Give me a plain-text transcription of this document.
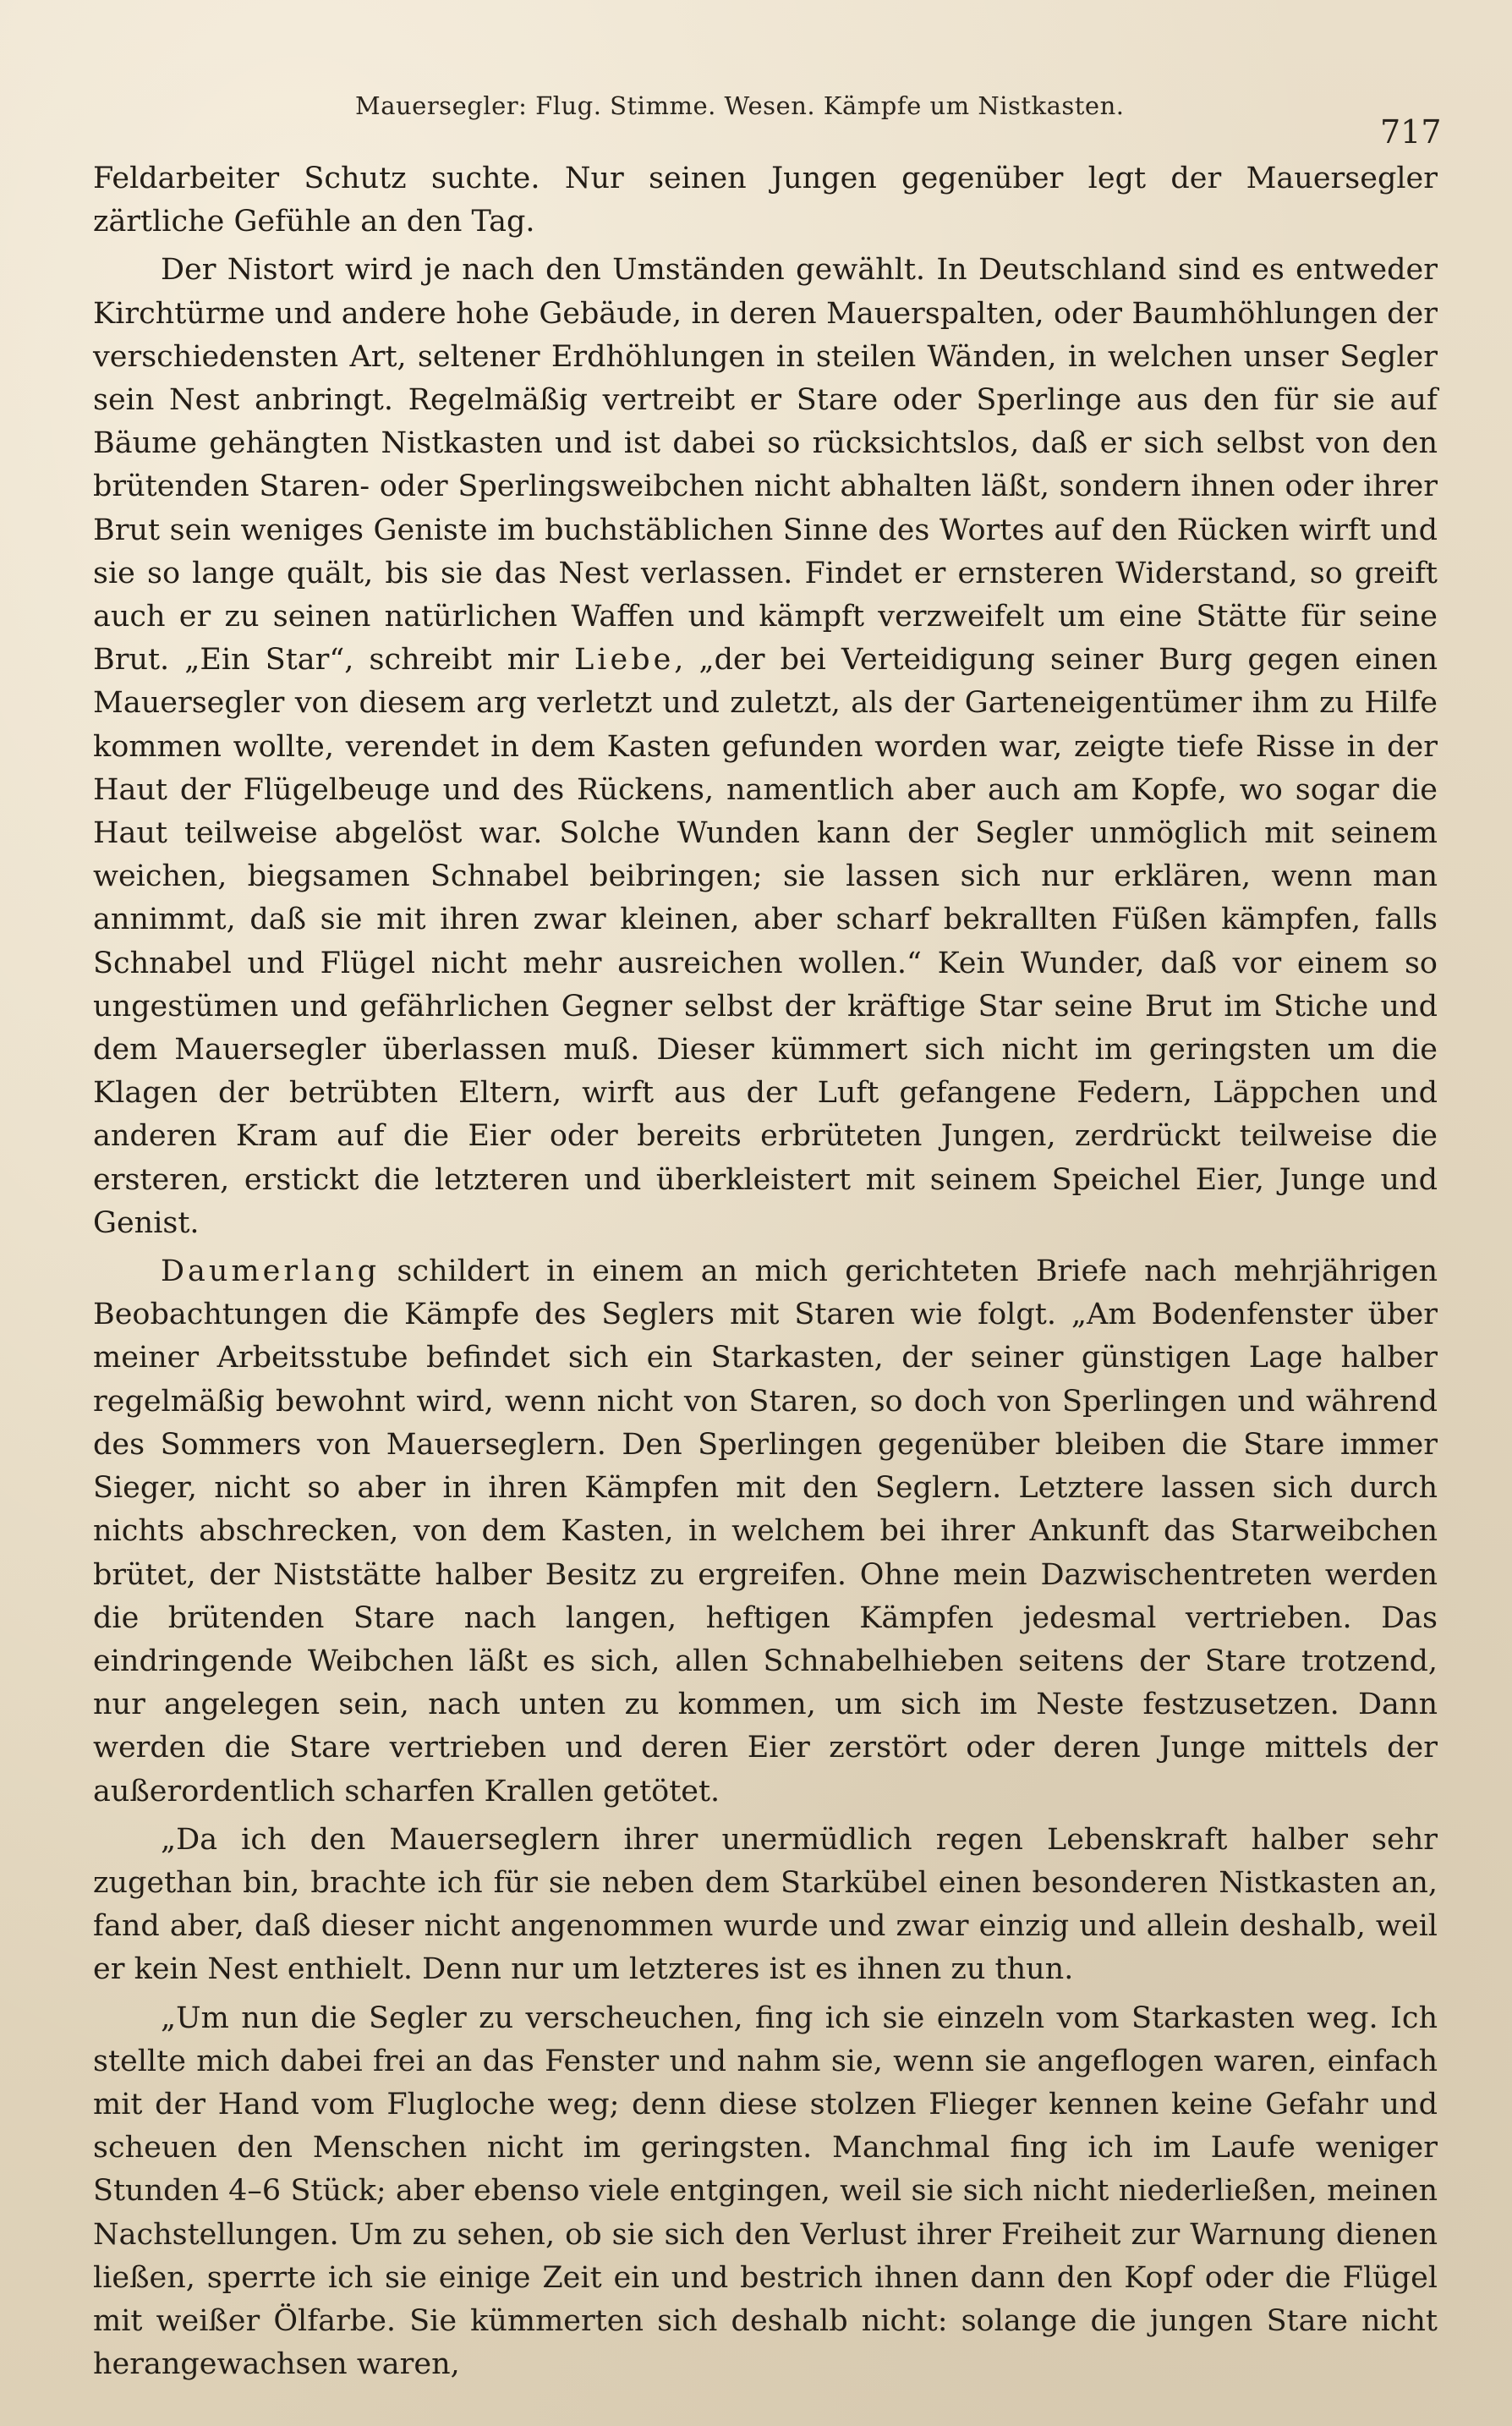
Mauersegler: Flug. Stimme. Wesen. Kämpfe um Nistkasten.
717

Feldarbeiter Schutz suchte. Nur seinen Jungen gegenüber legt der Mauersegler zärtliche Gefühle an den Tag.

Der Nistort wird je nach den Umständen gewählt. In Deutschland sind es entweder Kirchtürme und andere hohe Gebäude, in deren Mauerspalten, oder Baumhöhlungen der verschiedensten Art, seltener Erdhöhlungen in steilen Wänden, in welchen unser Segler sein Nest anbringt. Regelmäßig vertreibt er Stare oder Sperlinge aus den für sie auf Bäume gehängten Nistkasten und ist dabei so rücksichtslos, daß er sich selbst von den brütenden Staren- oder Sperlingsweibchen nicht abhalten läßt, sondern ihnen oder ihrer Brut sein weniges Geniste im buchstäblichen Sinne des Wortes auf den Rücken wirft und sie so lange quält, bis sie das Nest verlassen. Findet er ernsteren Widerstand, so greift auch er zu seinen natürlichen Waffen und kämpft verzweifelt um eine Stätte für seine Brut. „Ein Star“, schreibt mir Liebe, „der bei Verteidigung seiner Burg gegen einen Mauersegler von diesem arg verletzt und zuletzt, als der Garteneigentümer ihm zu Hilfe kommen wollte, verendet in dem Kasten gefunden worden war, zeigte tiefe Risse in der Haut der Flügelbeuge und des Rückens, namentlich aber auch am Kopfe, wo sogar die Haut teilweise abgelöst war. Solche Wunden kann der Segler unmöglich mit seinem weichen, biegsamen Schnabel beibringen; sie lassen sich nur erklären, wenn man annimmt, daß sie mit ihren zwar kleinen, aber scharf bekrallten Füßen kämpfen, falls Schnabel und Flügel nicht mehr ausreichen wollen.“ Kein Wunder, daß vor einem so ungestümen und gefährlichen Gegner selbst der kräftige Star seine Brut im Stiche und dem Mauersegler überlassen muß. Dieser kümmert sich nicht im geringsten um die Klagen der betrübten Eltern, wirft aus der Luft gefangene Federn, Läppchen und anderen Kram auf die Eier oder bereits erbrüteten Jungen, zerdrückt teilweise die ersteren, erstickt die letzteren und überkleistert mit seinem Speichel Eier, Junge und Genist.

Daumerlang schildert in einem an mich gerichteten Briefe nach mehrjährigen Beobachtungen die Kämpfe des Seglers mit Staren wie folgt. „Am Bodenfenster über meiner Arbeitsstube befindet sich ein Starkasten, der seiner günstigen Lage halber regelmäßig bewohnt wird, wenn nicht von Staren, so doch von Sperlingen und während des Sommers von Mauerseglern. Den Sperlingen gegenüber bleiben die Stare immer Sieger, nicht so aber in ihren Kämpfen mit den Seglern. Letztere lassen sich durch nichts abschrecken, von dem Kasten, in welchem bei ihrer Ankunft das Starweibchen brütet, der Niststätte halber Besitz zu ergreifen. Ohne mein Dazwischentreten werden die brütenden Stare nach langen, heftigen Kämpfen jedesmal vertrieben. Das eindringende Weibchen läßt es sich, allen Schnabelhieben seitens der Stare trotzend, nur angelegen sein, nach unten zu kommen, um sich im Neste festzusetzen. Dann werden die Stare vertrieben und deren Eier zerstört oder deren Junge mittels der außerordentlich scharfen Krallen getötet.

„Da ich den Mauerseglern ihrer unermüdlich regen Lebenskraft halber sehr zugethan bin, brachte ich für sie neben dem Starkübel einen besonderen Nistkasten an, fand aber, daß dieser nicht angenommen wurde und zwar einzig und allein deshalb, weil er kein Nest enthielt. Denn nur um letzteres ist es ihnen zu thun.

„Um nun die Segler zu verscheuchen, fing ich sie einzeln vom Starkasten weg. Ich stellte mich dabei frei an das Fenster und nahm sie, wenn sie angeflogen waren, einfach mit der Hand vom Flugloche weg; denn diese stolzen Flieger kennen keine Gefahr und scheuen den Menschen nicht im geringsten. Manchmal fing ich im Laufe weniger Stunden 4–6 Stück; aber ebenso viele entgingen, weil sie sich nicht niederließen, meinen Nachstellungen. Um zu sehen, ob sie sich den Verlust ihrer Freiheit zur Warnung dienen ließen, sperrte ich sie einige Zeit ein und bestrich ihnen dann den Kopf oder die Flügel mit weißer Ölfarbe. Sie kümmerten sich deshalb nicht: solange die jungen Stare nicht herangewachsen waren,
